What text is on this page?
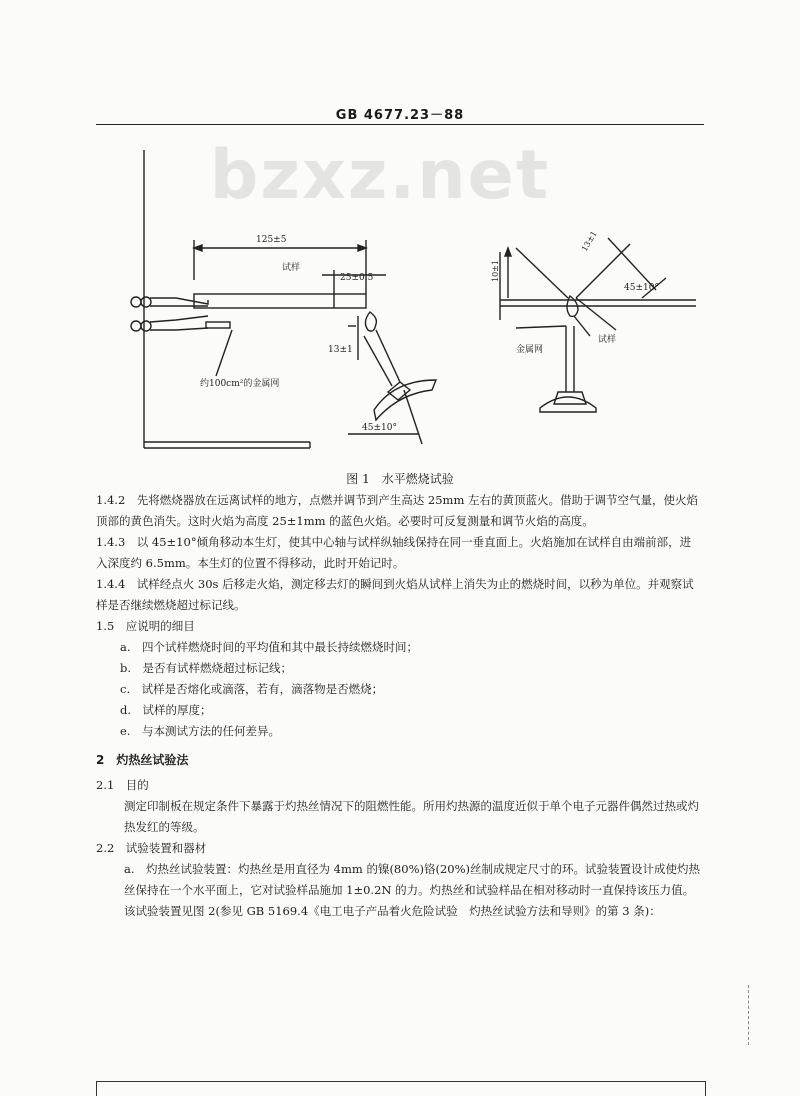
GB 4677.23－88
125±5
试样
25±0.5
13±1
约100cm²的金属网
45±10°
10±1
13±1
45±10°
试样
金属网
bzxz.net
图 1　水平燃烧试验

1.4.2　先将燃烧器放在远离试样的地方，点燃并调节到产生高达 25mm 左右的黄顶蓝火。借助于调节空气量，使火焰顶部的黄色消失。这时火焰为高度 25±1mm 的蓝色火焰。必要时可反复测量和调节火焰的高度。

1.4.3　以 45±10°倾角移动本生灯，使其中心轴与试样纵轴线保持在同一垂直面上。火焰施加在试样自由端前部，进入深度约 6.5mm。本生灯的位置不得移动，此时开始记时。

1.4.4　试样经点火 30s 后移走火焰，测定移去灯的瞬间到火焰从试样上消失为止的燃烧时间，以秒为单位。并观察试样是否继续燃烧超过标记线。

1.5　应说明的细目

a.　四个试样燃烧时间的平均值和其中最长持续燃烧时间；

b.　是否有试样燃烧超过标记线；

c.　试样是否熔化或滴落，若有，滴落物是否燃烧；

d.　试样的厚度；

e.　与本测试方法的任何差异。

2　灼热丝试验法

2.1　目的

测定印制板在规定条件下暴露于灼热丝情况下的阻燃性能。所用灼热源的温度近似于单个电子元器件偶然过热或灼热发红的等级。

2.2　试验装置和器材

a.　灼热丝试验装置：灼热丝是用直径为 4mm 的镍(80%)铬(20%)丝制成规定尺寸的环。试验装置设计成使灼热丝保持在一个水平面上，它对试验样品施加 1±0.2N 的力。灼热丝和试验样品在相对移动时一直保持该压力值。该试验装置见图 2(参见 GB 5169.4《电工电子产品着火危险试验　灼热丝试验方法和导则》的第 3 条)：
